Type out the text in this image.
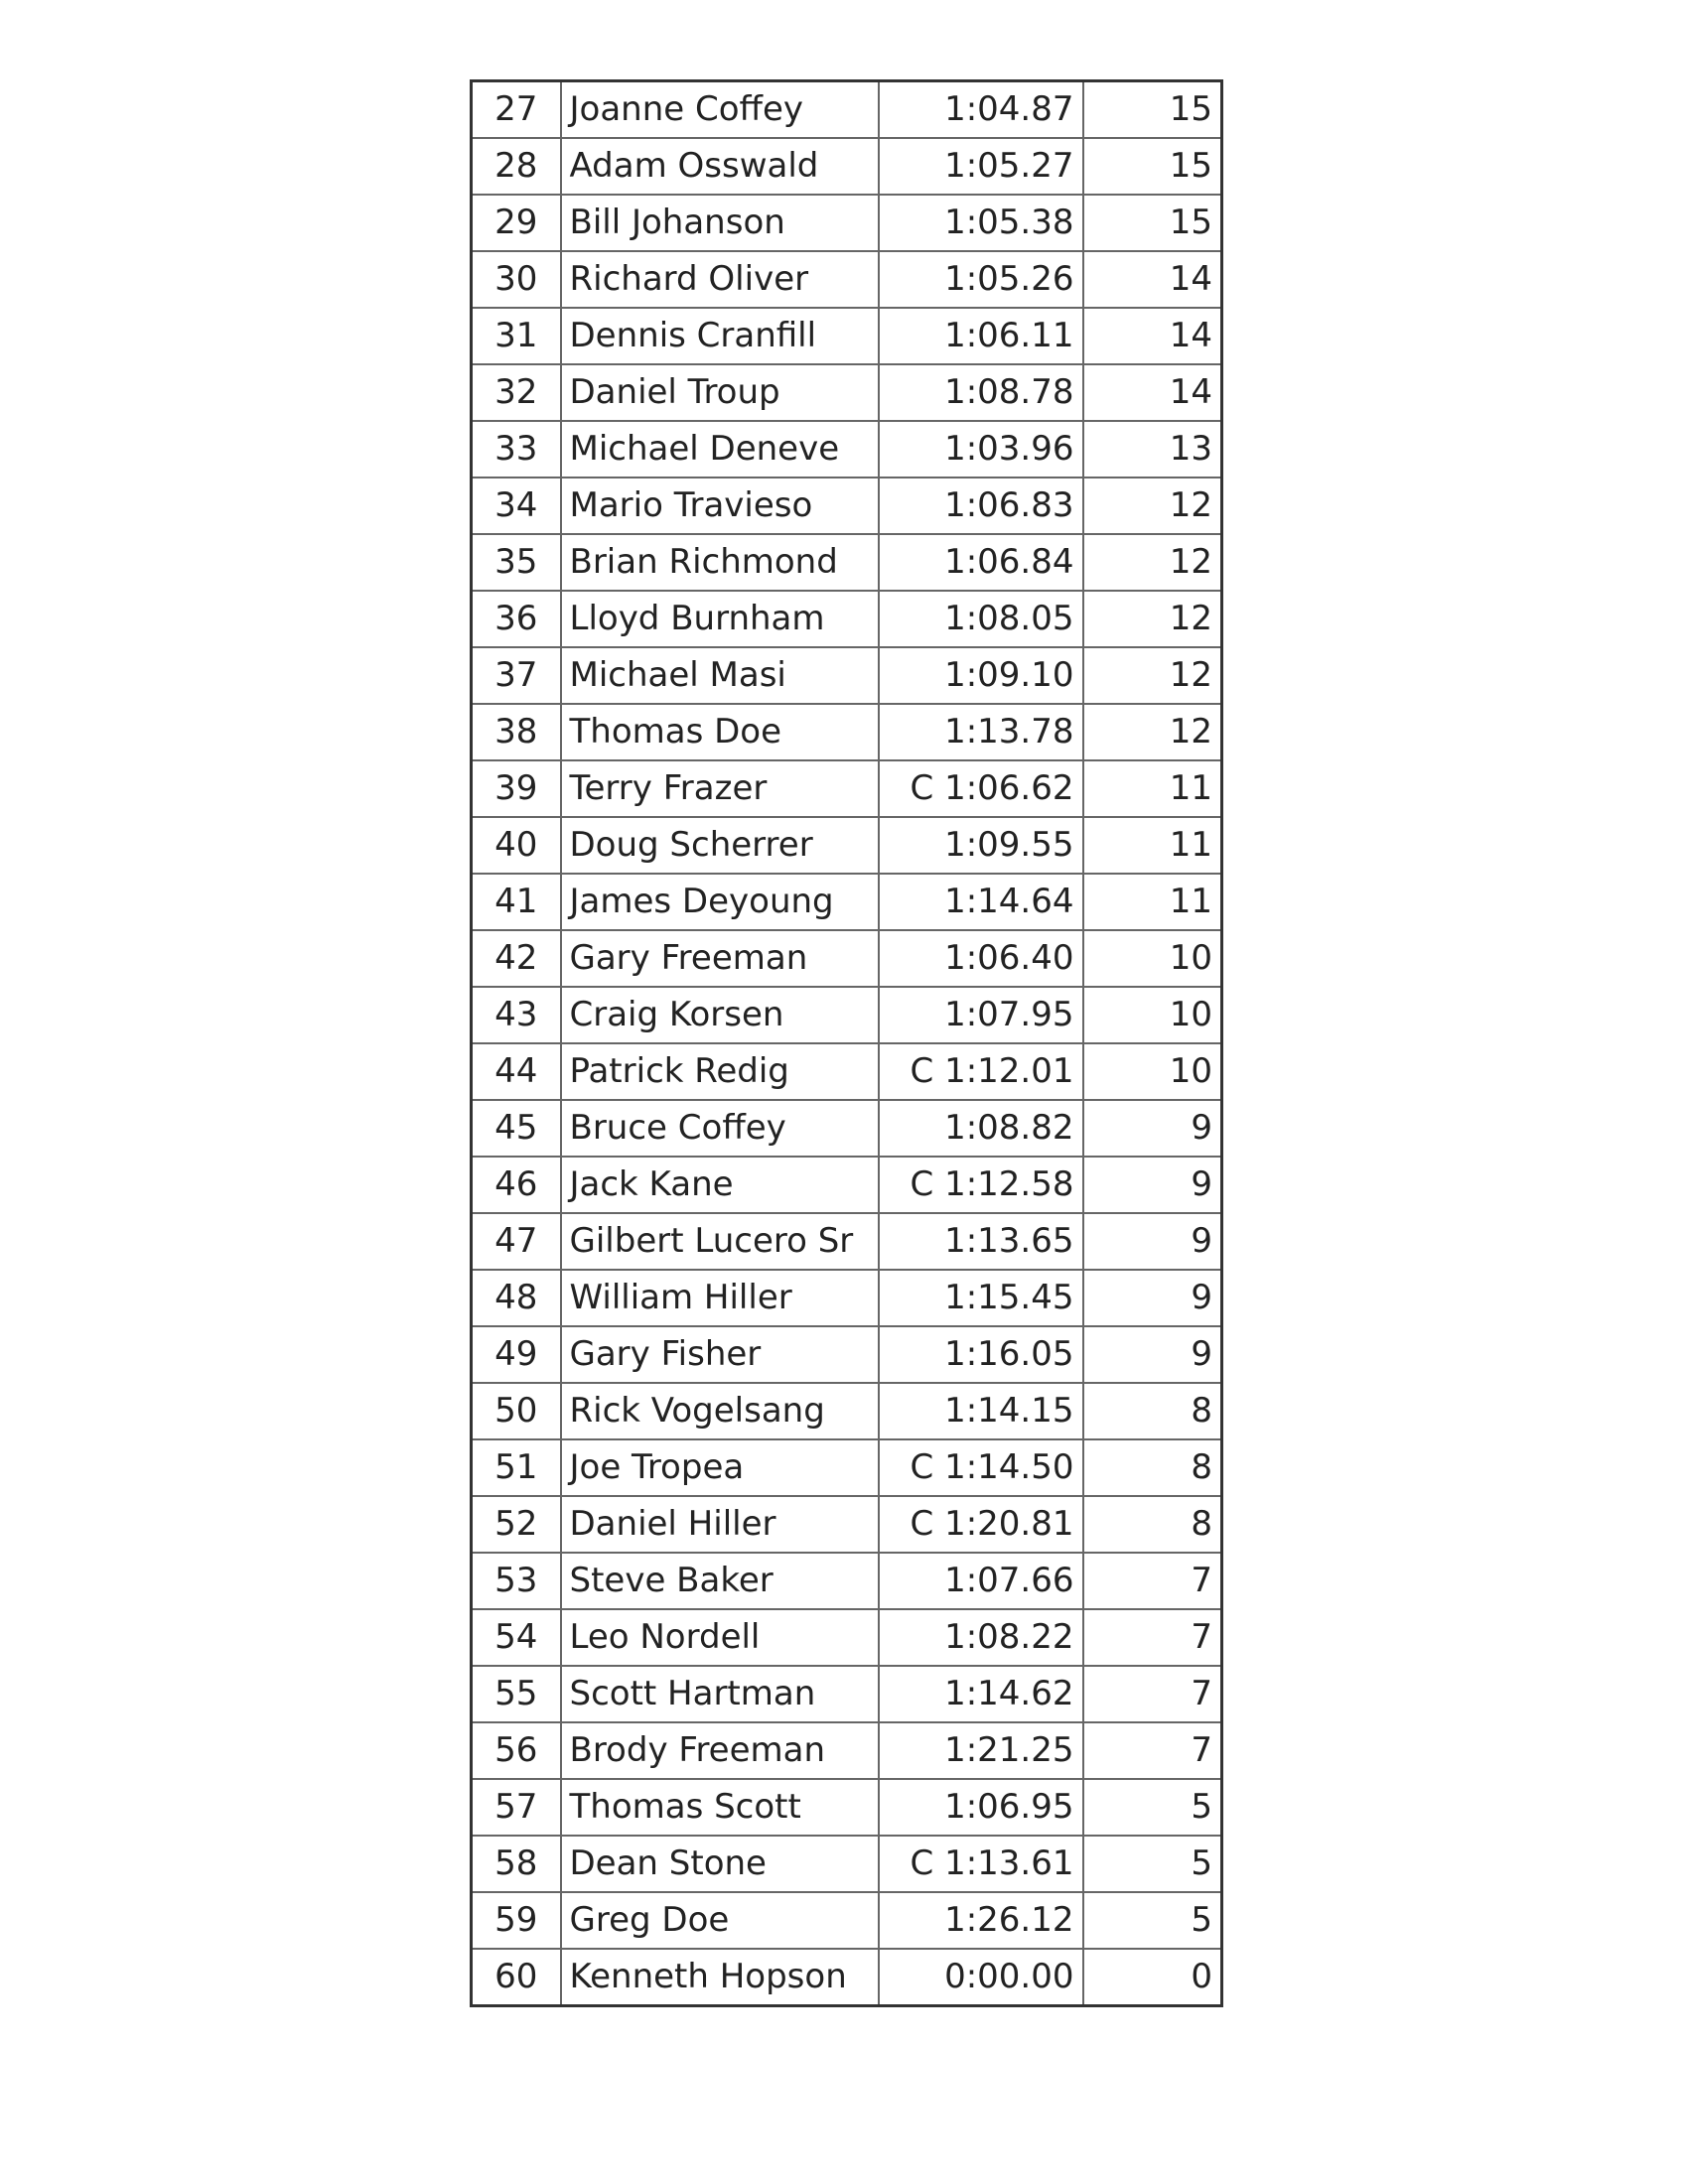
27	Joanne Coffey	1:04.87	15
28	Adam Osswald	1:05.27	15
29	Bill Johanson	1:05.38	15
30	Richard Oliver	1:05.26	14
31	Dennis Cranfill	1:06.11	14
32	Daniel Troup	1:08.78	14
33	Michael Deneve	1:03.96	13
34	Mario Travieso	1:06.83	12
35	Brian Richmond	1:06.84	12
36	Lloyd Burnham	1:08.05	12
37	Michael Masi	1:09.10	12
38	Thomas Doe	1:13.78	12
39	Terry Frazer	C 1:06.62	11
40	Doug Scherrer	1:09.55	11
41	James Deyoung	1:14.64	11
42	Gary Freeman	1:06.40	10
43	Craig Korsen	1:07.95	10
44	Patrick Redig	C 1:12.01	10
45	Bruce Coffey	1:08.82	9
46	Jack Kane	C 1:12.58	9
47	Gilbert Lucero Sr	1:13.65	9
48	William Hiller	1:15.45	9
49	Gary Fisher	1:16.05	9
50	Rick Vogelsang	1:14.15	8
51	Joe Tropea	C 1:14.50	8
52	Daniel Hiller	C 1:20.81	8
53	Steve Baker	1:07.66	7
54	Leo Nordell	1:08.22	7
55	Scott Hartman	1:14.62	7
56	Brody Freeman	1:21.25	7
57	Thomas Scott	1:06.95	5
58	Dean Stone	C 1:13.61	5
59	Greg Doe	1:26.12	5
60	Kenneth Hopson	0:00.00	0
